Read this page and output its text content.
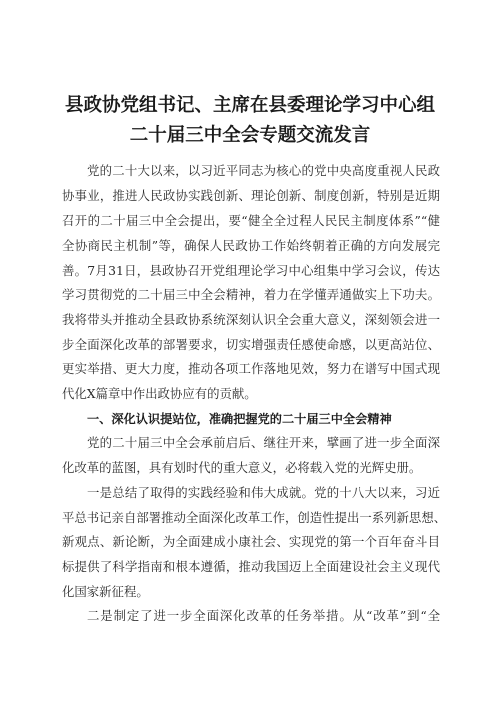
县政协党组书记、主席在县委理论学习中心组
二十届三中全会专题交流发言
党的二十大以来，以习近平同志为核心的党中央高度重视人民政
协事业，推进人民政协实践创新、理论创新、制度创新，特别是近期
召开的二十届三中全会提出，要“健全全过程人民民主制度体系”“健
全协商民主机制”等，确保人民政协工作始终朝着正确的方向发展完
善。7月31日，县政协召开党组理论学习中心组集中学习会议，传达
学习贯彻党的二十届三中全会精神，着力在学懂弄通做实上下功夫。
我将带头并推动全县政协系统深刻认识全会重大意义，深刻领会进一
步全面深化改革的部署要求，切实增强责任感使命感，以更高站位、
更实举措、更大力度，推动各项工作落地见效，努力在谱写中国式现
代化X篇章中作出政协应有的贡献。
一、深化认识提站位，准确把握党的二十届三中全会精神
党的二十届三中全会承前启后、继往开来，擘画了进一步全面深
化改革的蓝图，具有划时代的重大意义，必将载入党的光辉史册。
一是总结了取得的实践经验和伟大成就。党的十八大以来，习近
平总书记亲自部署推动全面深化改革工作，创造性提出一系列新思想、
新观点、新论断，为全面建成小康社会、实现党的第一个百年奋斗目
标提供了科学指南和根本遵循，推动我国迈上全面建设社会主义现代
化国家新征程。
二是制定了进一步全面深化改革的任务举措。从“改革”到“全
